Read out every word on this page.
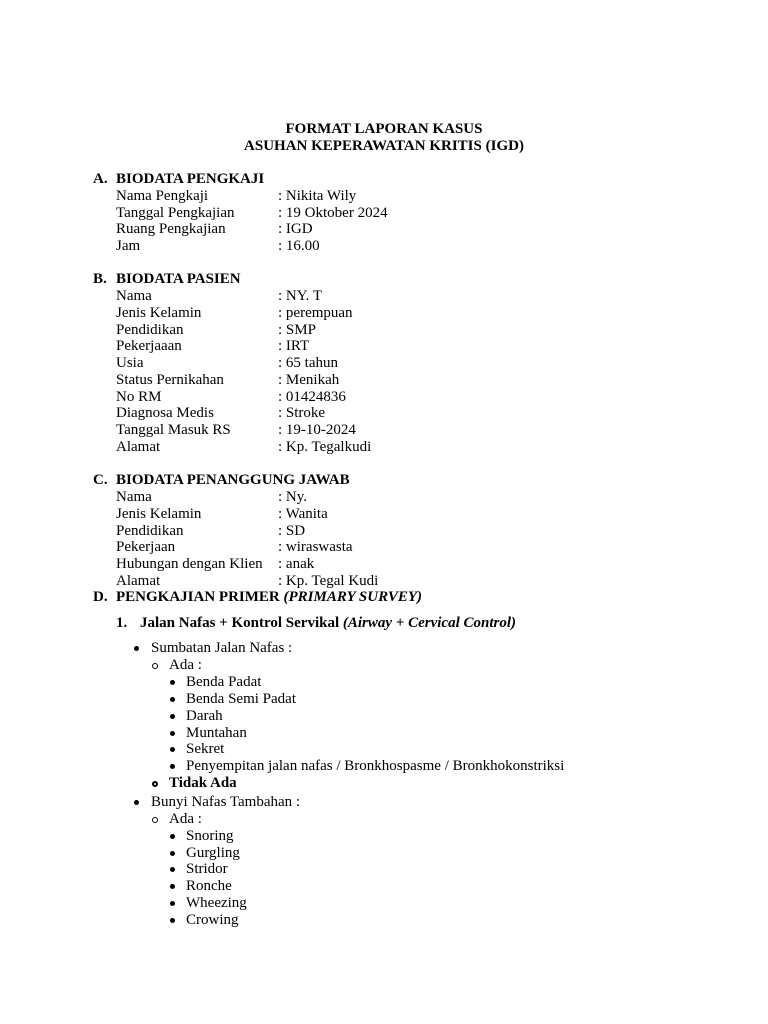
FORMAT LAPORAN KASUS
ASUHAN KEPERAWATAN KRITIS (IGD)
A. BIODATA PENGKAJI
Nama Pengkaji	: Nikita Wily
Tanggal Pengkajian	: 19 Oktober 2024
Ruang Pengkajian	: IGD
Jam	: 16.00
B. BIODATA PASIEN
Nama	: NY. T
Jenis Kelamin	: perempuan
Pendidikan	: SMP
Pekerjaaan	: IRT
Usia	: 65 tahun
Status Pernikahan	: Menikah
No RM	: 01424836
Diagnosa Medis	: Stroke
Tanggal Masuk RS	: 19-10-2024
Alamat	: Kp. Tegalkudi
C. BIODATA PENANGGUNG JAWAB
Nama	: Ny.
Jenis Kelamin	: Wanita
Pendidikan	: SD
Pekerjaan	: wiraswasta
Hubungan dengan Klien : anak
Alamat	: Kp. Tegal Kudi
D. PENGKAJIAN PRIMER (PRIMARY SURVEY)
1. Jalan Nafas + Kontrol Servikal (Airway + Cervical Control)
Sumbatan Jalan Nafas :
Ada :
Benda Padat
Benda Semi Padat
Darah
Muntahan
Sekret
Penyempitan jalan nafas / Bronkhospasme / Bronkhokonstriksi
Tidak Ada
Bunyi Nafas Tambahan :
Ada :
Snoring
Gurgling
Stridor
Ronche
Wheezing
Crowing
